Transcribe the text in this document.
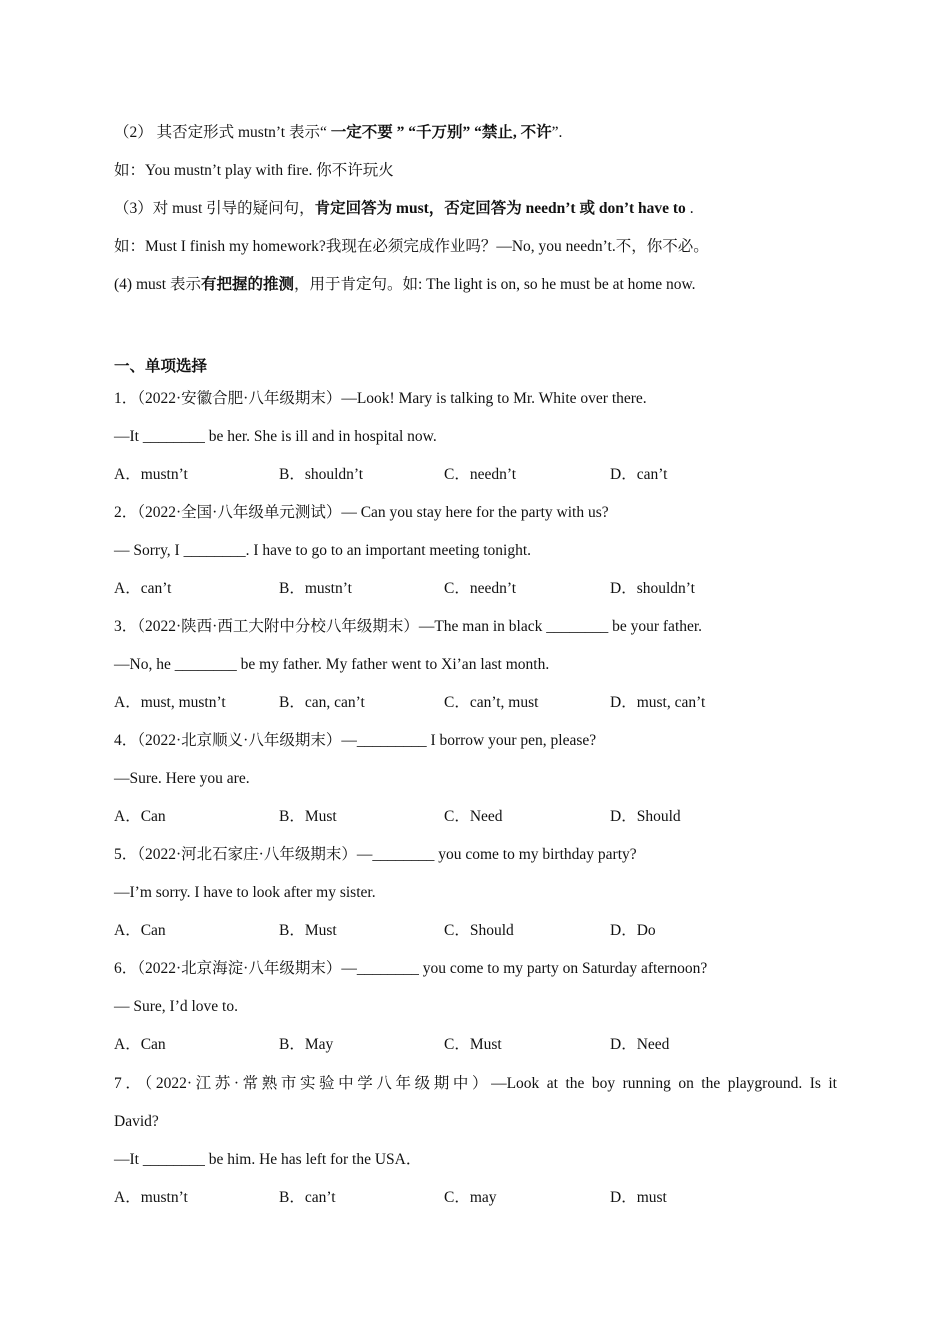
（2） 其否定形式 mustn’t 表示“ 一定不要 ” “千万别” “禁止, 不许”.
如：You mustn’t play with fire. 你不许玩火
（3）对 must 引导的疑问句，肯定回答为 must，否定回答为 needn’t 或 don’t have to .
如：Must I finish my homework?我现在必须完成作业吗？—No, you needn’t.不，你不必。
(4) must 表示有把握的推测，用于肯定句。如: The light is on, so he must be at home now.
一、单项选择
1．（2022·安徽合肥·八年级期末）—Look! Mary is talking to Mr. White over there.
—It ________ be her. She is ill and in hospital now.
A．mustn’t	B．shouldn’t	C．needn’t	D．can’t
2．（2022·全国·八年级单元测试）— Can you stay here for the party with us?
— Sorry, I ________. I have to go to an important meeting tonight.
A．can’t	B．mustn’t	C．needn’t	D．shouldn’t
3．（2022·陕西·西工大附中分校八年级期末）—The man in black ________ be your father.
—No, he ________ be my father. My father went to Xi’an last month.
A．must, mustn’t	B．can, can’t	C．can’t, must	D．must, can’t
4．（2022·北京顺义·八年级期末）—_________ I borrow your pen, please?
—Sure. Here you are.
A．Can	B．Must	C．Need	D．Should
5．（2022·河北石家庄·八年级期末）—________ you come to my birthday party?
—I’m sorry. I have to look after my sister.
A．Can	B．Must	C．Should	D．Do
6．（2022·北京海淀·八年级期末）—________ you come to my party on Saturday afternoon?
— Sure, I’d love to.
A．Can	B．May	C．Must	D．Need
7．（2022·江苏·常熟市实验中学八年级期中）—Look at the boy running on the playground. Is it
David?
—It ________ be him. He has left for the USA．
A．mustn’t	B．can’t	C．may	D．must
